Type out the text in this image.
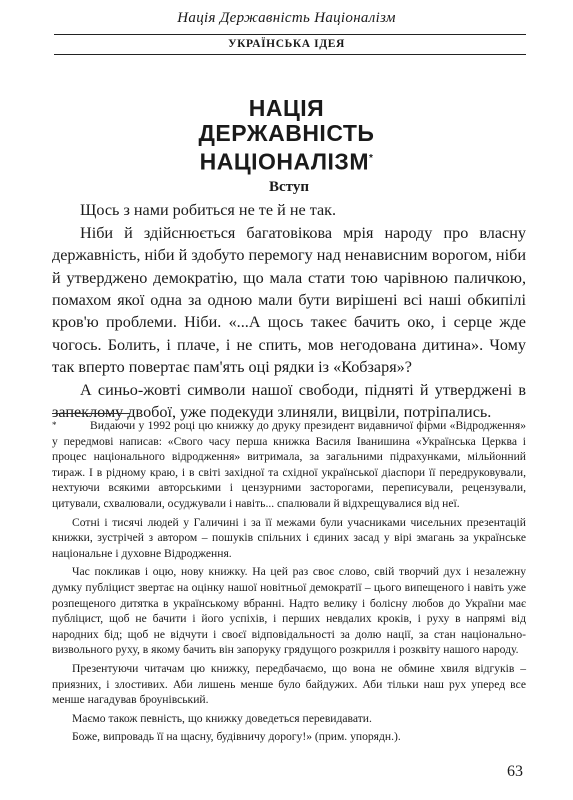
Нація Державність Націоналізм
УКРАЇНСЬКА ІДЕЯ
НАЦІЯ
ДЕРЖАВНІСТЬ
НАЦІОНАЛІЗМ*
Вступ

Щось з нами робиться не те й не так.

Ніби й здійснюється багатовікова мрія народу про власну державність, ніби й здобуто перемогу над ненависним ворогом, ніби й утверджено демократію, що мала стати тою чарівною паличкою, помахом якої одна за одною мали бути вирішені всі наші обкипілі кров'ю проблеми. Ніби. «...А щось такеє бачить око, і серце жде чогось. Болить, і плаче, і не спить, мов негодована дитина». Чому так вперто повертає пам'ять оці рядки із «Кобзаря»?

А синьо-жовті символи нашої свободи, підняті й утверджені в запеклому двобої, уже подекуди злиняли, вицвіли, потріпались.

*	Видаючи у 1992 році цю книжку до друку президент видавничої фірми «Відродження» у передмові написав: «Свого часу перша книжка Василя Іванишина «Українська Церква і процес національного відродження» витримала, за загальними підрахунками, мільйонний тираж. І в рідному краю, і в світі західної та східної української діаспори її передруковували, нехтуючи всякими авторськими і цензурними засторогами, переписували, рецензували, цитували, схвалювали, осуджували і навіть... спалювали й відхрещувалися від неї.

Сотні і тисячі людей у Галичині і за її межами були учасниками чисельних презентацій книжки, зустрічей з автором – пошуків спільних і єдиних засад у вірі змагань за українське національне і духовне Відродження.

Час покликав і оцю, нову книжку. На цей раз своє слово, свій творчий дух і незалежну думку публіцист звертає на оцінку нашої новітньої демократії – цього випещеного і навіть уже розпещеного дитятка в українському вбранні. Надто велику і болісну любов до України має публіцист, щоб не бачити і його успіхів, і перших невдалих кроків, і руху в напрямі від народних бід; щоб не відчути і своєї відповідальності за долю нації, за стан національно-визвольного руху, в якому бачить він запоруку грядущого розкрилля і розквіту нашого народу.

Презентуючи читачам цю книжку, передбачаємо, що вона не обмине хвиля відгуків – приязних, і злостивих. Аби лишень менше було байдужих. Аби тільки наш рух уперед все менше нагадував броунівський.

Маємо також певність, що книжку доведеться перевидавати.

Боже, випровадь її на щасну, будівничу дорогу!» (прим. упорядн.).

63
